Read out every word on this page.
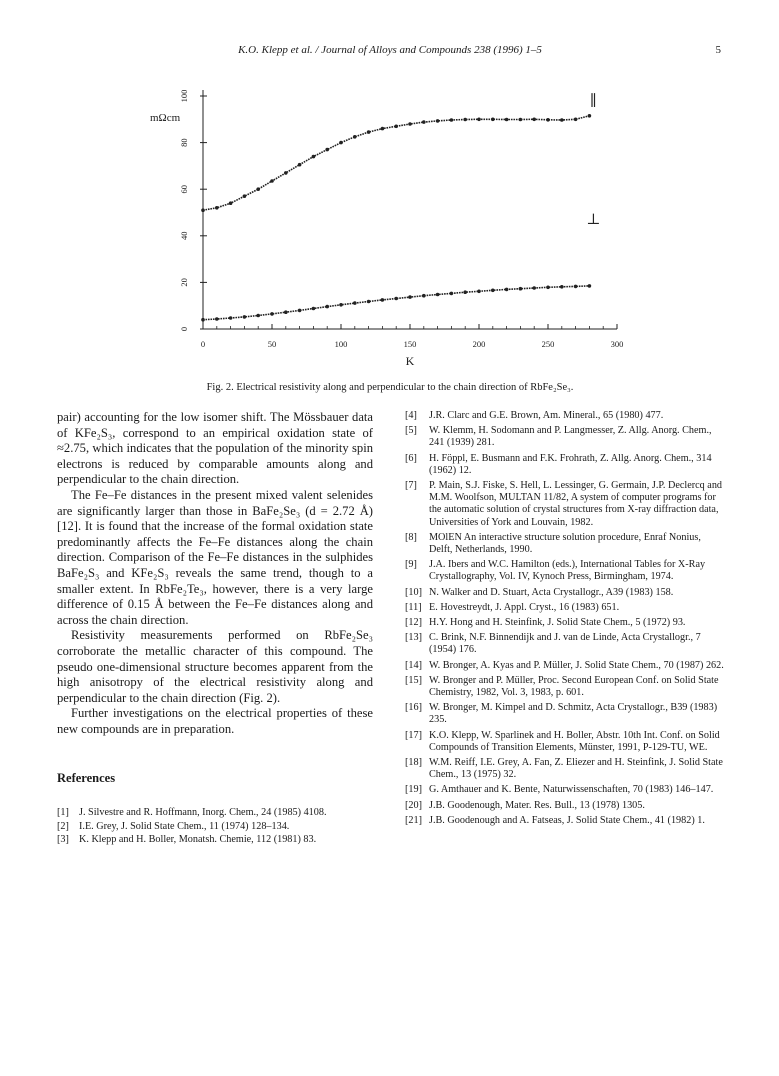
K.O. Klepp et al. / Journal of Alloys and Compounds 238 (1996) 1–5	5
0	50	100	150	200	250	300
0
20
40
60
80
100
K
mΩcm
∥
⊥
Fig. 2. Electrical resistivity along and perpendicular to the chain direction of RbFe₂Se₃.

pair) accounting for the low isomer shift. The Mössbauer data of KFe₂S₃, correspond to an empirical oxidation state of ≈2.75, which indicates that the population of the minority spin electrons is reduced by comparable amounts along and perpendicular to the chain direction.

The Fe–Fe distances in the present mixed valent selenides are significantly larger than those in BaFe₂Se₃ (d = 2.72 Å) [12]. It is found that the increase of the formal oxidation state predominantly affects the Fe–Fe distances along the chain direction. Comparison of the Fe–Fe distances in the sulphides BaFe₂S₃ and KFe₂S₃ reveals the same trend, though to a smaller extent. In RbFe₂Te₃, however, there is a very large difference of 0.15 Å between the Fe–Fe distances along and across the chain direction.

Resistivity measurements performed on RbFe₂Se₃ corroborate the metallic character of this compound. The pseudo one-dimensional structure becomes apparent from the high anisotropy of the electrical resistivity along and perpendicular to the chain direction (Fig. 2).

Further investigations on the electrical properties of these new compounds are in preparation.

References
[1] J. Silvestre and R. Hoffmann, Inorg. Chem., 24 (1985) 4108.
[2] I.E. Grey, J. Solid State Chem., 11 (1974) 128–134.
[3] K. Klepp and H. Boller, Monatsh. Chemie, 112 (1981) 83.
[4]	J.R. Clarc and G.E. Brown, Am. Mineral., 65 (1980) 477.
[5]	W. Klemm, H. Sodomann and P. Langmesser, Z. Allg. Anorg. Chem., 241 (1939) 281.
[6]	H. Föppl, E. Busmann and F.K. Frohrath, Z. Allg. Anorg. Chem., 314 (1962) 12.
[7]	P. Main, S.J. Fiske, S. Hell, L. Lessinger, G. Germain, J.P. Declercq and M.M. Woolfson, MULTAN 11/82, A system of computer programs for the automatic solution of crystal structures from X-ray diffraction data, Universities of York and Louvain, 1982.
[8]	MOlEN An interactive structure solution procedure, Enraf Nonius, Delft, Netherlands, 1990.
[9]	J.A. Ibers and W.C. Hamilton (eds.), International Tables for X-Ray Crystallography, Vol. IV, Kynoch Press, Birmingham, 1974.
[10] N. Walker and D. Stuart, Acta Crystallogr., A39 (1983) 158.
[11] E. Hovestreydt, J. Appl. Cryst., 16 (1983) 651.
[12] H.Y. Hong and H. Steinfink, J. Solid State Chem., 5 (1972) 93.
[13] C. Brink, N.F. Binnendijk and J. van de Linde, Acta Crystallogr., 7 (1954) 176.
[14] W. Bronger, A. Kyas and P. Müller, J. Solid State Chem., 70 (1987) 262.
[15] W. Bronger and P. Müller, Proc. Second European Conf. on Solid State Chemistry, 1982, Vol. 3, 1983, p. 601.
[16] W. Bronger, M. Kimpel and D. Schmitz, Acta Crystallogr., B39 (1983) 235.
[17] K.O. Klepp, W. Sparlinek and H. Boller, Abstr. 10th Int. Conf. on Solid Compounds of Transition Elements, Münster, 1991, P-129-TU, WE.
[18] W.M. Reiff, I.E. Grey, A. Fan, Z. Eliezer and H. Steinfink, J. Solid State Chem., 13 (1975) 32.
[19] G. Amthauer and K. Bente, Naturwissenschaften, 70 (1983) 146–147.
[20] J.B. Goodenough, Mater. Res. Bull., 13 (1978) 1305.
[21] J.B. Goodenough and A. Fatseas, J. Solid State Chem., 41 (1982) 1.
